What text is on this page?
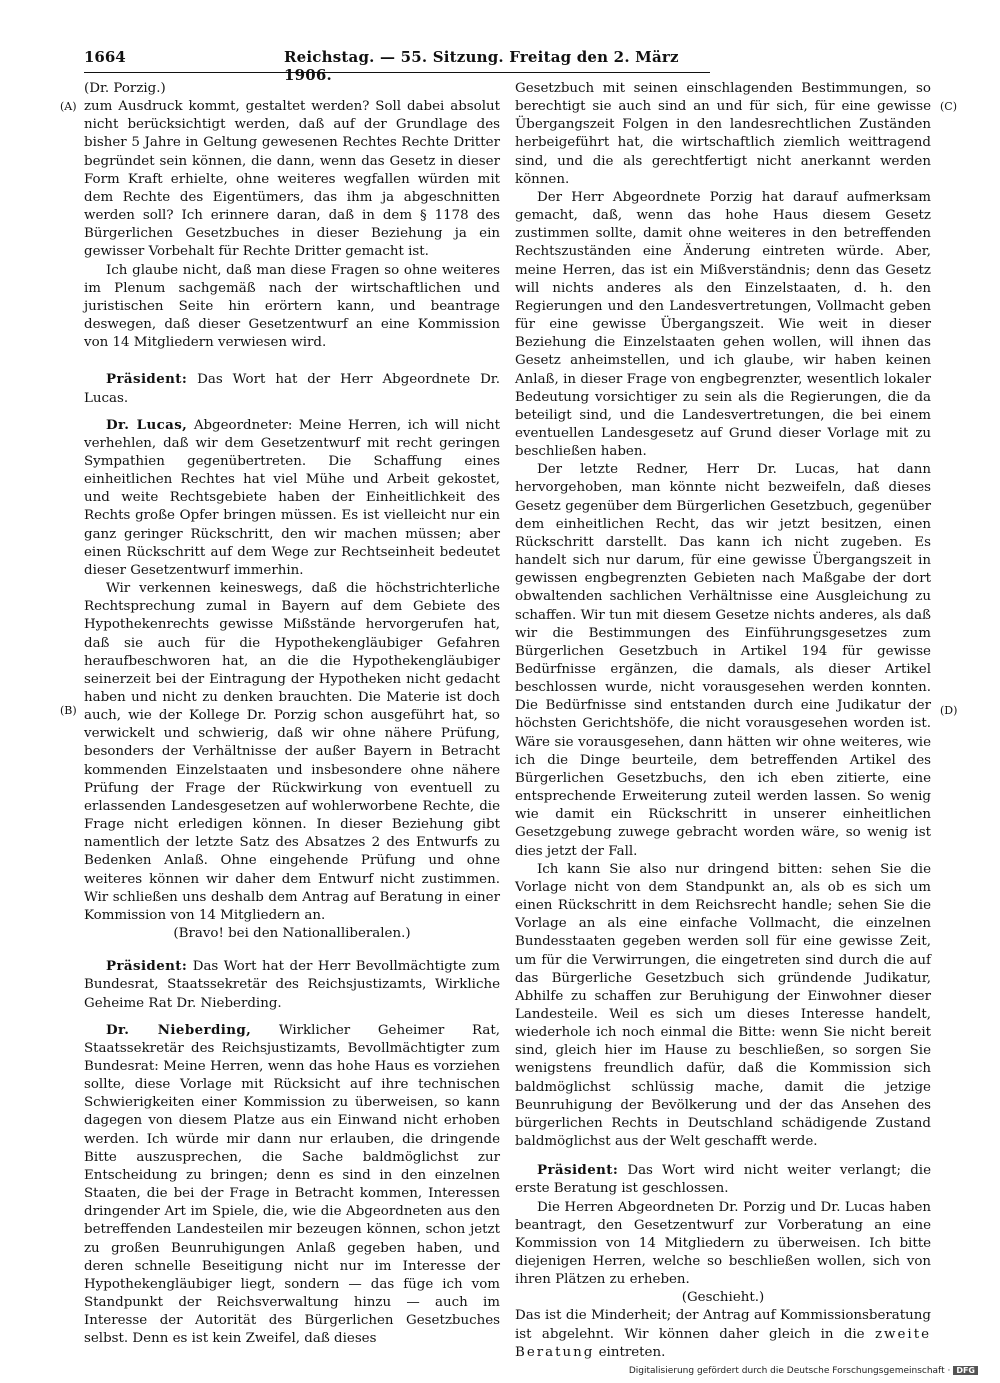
1664	Reichstag. — 55. Sitzung. Freitag den 2. März 1906.
(A)
(B)
(C)
(D)

(Dr. Porzig.)

zum Ausdruck kommt, gestaltet werden? Soll dabei absolut nicht berücksichtigt werden, daß auf der Grundlage des bisher 5 Jahre in Geltung gewesenen Rechtes Rechte Dritter begründet sein können, die dann, wenn das Gesetz in dieser Form Kraft erhielte, ohne weiteres wegfallen würden mit dem Rechte des Eigentümers, das ihm ja abgeschnitten werden soll? Ich erinnere daran, daß in dem § 1178 des Bürgerlichen Gesetzbuches in dieser Beziehung ja ein gewisser Vorbehalt für Rechte Dritter gemacht ist.

Ich glaube nicht, daß man diese Fragen so ohne weiteres im Plenum sachgemäß nach der wirtschaftlichen und juristischen Seite hin erörtern kann, und beantrage deswegen, daß dieser Gesetzentwurf an eine Kommission von 14 Mitgliedern verwiesen wird.

Präsident: Das Wort hat der Herr Abgeordnete Dr. Lucas.

Dr. Lucas, Abgeordneter: Meine Herren, ich will nicht verhehlen, daß wir dem Gesetzentwurf mit recht geringen Sympathien gegenübertreten. Die Schaffung eines einheitlichen Rechtes hat viel Mühe und Arbeit gekostet, und weite Rechtsgebiete haben der Einheitlichkeit des Rechts große Opfer bringen müssen. Es ist vielleicht nur ein ganz geringer Rückschritt, den wir machen müssen; aber einen Rückschritt auf dem Wege zur Rechtseinheit bedeutet dieser Gesetzentwurf immerhin.

Wir verkennen keineswegs, daß die höchstrichterliche Rechtsprechung zumal in Bayern auf dem Gebiete des Hypothekenrechts gewisse Mißstände hervorgerufen hat, daß sie auch für die Hypothekengläubiger Gefahren heraufbeschworen hat, an die die Hypothekengläubiger seinerzeit bei der Eintragung der Hypotheken nicht gedacht haben und nicht zu denken brauchten. Die Materie ist doch auch, wie der Kollege Dr. Porzig schon ausgeführt hat, so verwickelt und schwierig, daß wir ohne nähere Prüfung, besonders der Verhältnisse der außer Bayern in Betracht kommenden Einzelstaaten und insbesondere ohne nähere Prüfung der Frage der Rückwirkung von eventuell zu erlassenden Landesgesetzen auf wohlerworbene Rechte, die Frage nicht erledigen können. In dieser Beziehung gibt namentlich der letzte Satz des Absatzes 2 des Entwurfs zu Bedenken Anlaß. Ohne eingehende Prüfung und ohne weiteres können wir daher dem Entwurf nicht zustimmen. Wir schließen uns deshalb dem Antrag auf Beratung in einer Kommission von 14 Mitgliedern an.

(Bravo! bei den Nationalliberalen.)

Präsident: Das Wort hat der Herr Bevollmächtigte zum Bundesrat, Staatssekretär des Reichsjustizamts, Wirkliche Geheime Rat Dr. Nieberding.

Dr. Nieberding, Wirklicher Geheimer Rat, Staatssekretär des Reichsjustizamts, Bevollmächtigter zum Bundesrat: Meine Herren, wenn das hohe Haus es vorziehen sollte, diese Vorlage mit Rücksicht auf ihre technischen Schwierigkeiten einer Kommission zu überweisen, so kann dagegen von diesem Platze aus ein Einwand nicht erhoben werden. Ich würde mir dann nur erlauben, die dringende Bitte auszusprechen, die Sache baldmöglichst zur Entscheidung zu bringen; denn es sind in den einzelnen Staaten, die bei der Frage in Betracht kommen, Interessen dringender Art im Spiele, die, wie die Abgeordneten aus den betreffenden Landesteilen mir bezeugen können, schon jetzt zu großen Beunruhigungen Anlaß gegeben haben, und deren schnelle Beseitigung nicht nur im Interesse der Hypothekengläubiger liegt, sondern — das füge ich vom Standpunkt der Reichsverwaltung hinzu — auch im Interesse der Autorität des Bürgerlichen Gesetzbuches selbst. Denn es ist kein Zweifel, daß dieses

Gesetzbuch mit seinen einschlagenden Bestimmungen, so berechtigt sie auch sind an und für sich, für eine gewisse Übergangszeit Folgen in den landesrechtlichen Zuständen herbeigeführt hat, die wirtschaftlich ziemlich weittragend sind, und die als gerechtfertigt nicht anerkannt werden können.

Der Herr Abgeordnete Porzig hat darauf aufmerksam gemacht, daß, wenn das hohe Haus diesem Gesetz zustimmen sollte, damit ohne weiteres in den betreffenden Rechtszuständen eine Änderung eintreten würde. Aber, meine Herren, das ist ein Mißverständnis; denn das Gesetz will nichts anderes als den Einzelstaaten, d. h. den Regierungen und den Landesvertretungen, Vollmacht geben für eine gewisse Übergangszeit. Wie weit in dieser Beziehung die Einzelstaaten gehen wollen, will ihnen das Gesetz anheimstellen, und ich glaube, wir haben keinen Anlaß, in dieser Frage von engbegrenzter, wesentlich lokaler Bedeutung vorsichtiger zu sein als die Regierungen, die da beteiligt sind, und die Landesvertretungen, die bei einem eventuellen Landesgesetz auf Grund dieser Vorlage mit zu beschließen haben.

Der letzte Redner, Herr Dr. Lucas, hat dann hervorgehoben, man könnte nicht bezweifeln, daß dieses Gesetz gegenüber dem Bürgerlichen Gesetzbuch, gegenüber dem einheitlichen Recht, das wir jetzt besitzen, einen Rückschritt darstellt. Das kann ich nicht zugeben. Es handelt sich nur darum, für eine gewisse Übergangszeit in gewissen engbegrenzten Gebieten nach Maßgabe der dort obwaltenden sachlichen Verhältnisse eine Ausgleichung zu schaffen. Wir tun mit diesem Gesetze nichts anderes, als daß wir die Bestimmungen des Einführungsgesetzes zum Bürgerlichen Gesetzbuch in Artikel 194 für gewisse Bedürfnisse ergänzen, die damals, als dieser Artikel beschlossen wurde, nicht vorausgesehen werden konnten. Die Bedürfnisse sind entstanden durch eine Judikatur der höchsten Gerichtshöfe, die nicht vorausgesehen worden ist. Wäre sie vorausgesehen, dann hätten wir ohne weiteres, wie ich die Dinge beurteile, dem betreffenden Artikel des Bürgerlichen Gesetzbuchs, den ich eben zitierte, eine entsprechende Erweiterung zuteil werden lassen. So wenig wie damit ein Rückschritt in unserer einheitlichen Gesetzgebung zuwege gebracht worden wäre, so wenig ist dies jetzt der Fall.

Ich kann Sie also nur dringend bitten: sehen Sie die Vorlage nicht von dem Standpunkt an, als ob es sich um einen Rückschritt in dem Reichsrecht handle; sehen Sie die Vorlage an als eine einfache Vollmacht, die einzelnen Bundesstaaten gegeben werden soll für eine gewisse Zeit, um für die Verwirrungen, die eingetreten sind durch die auf das Bürgerliche Gesetzbuch sich gründende Judikatur, Abhilfe zu schaffen zur Beruhigung der Einwohner dieser Landesteile. Weil es sich um dieses Interesse handelt, wiederhole ich noch einmal die Bitte: wenn Sie nicht bereit sind, gleich hier im Hause zu beschließen, so sorgen Sie wenigstens freundlich dafür, daß die Kommission sich baldmöglichst schlüssig mache, damit die jetzige Beunruhigung der Bevölkerung und der das Ansehen des bürgerlichen Rechts in Deutschland schädigende Zustand baldmöglichst aus der Welt geschafft werde.

Präsident: Das Wort wird nicht weiter verlangt; die erste Beratung ist geschlossen.

Die Herren Abgeordneten Dr. Porzig und Dr. Lucas haben beantragt, den Gesetzentwurf zur Vorberatung an eine Kommission von 14 Mitgliedern zu überweisen. Ich bitte diejenigen Herren, welche so beschließen wollen, sich von ihren Plätzen zu erheben.

(Geschieht.)

Das ist die Minderheit; der Antrag auf Kommissionsberatung ist abgelehnt. Wir können daher gleich in die zweite Beratung eintreten.

Digitalisierung gefördert durch die Deutsche Forschungsgemeinschaft · DFG
